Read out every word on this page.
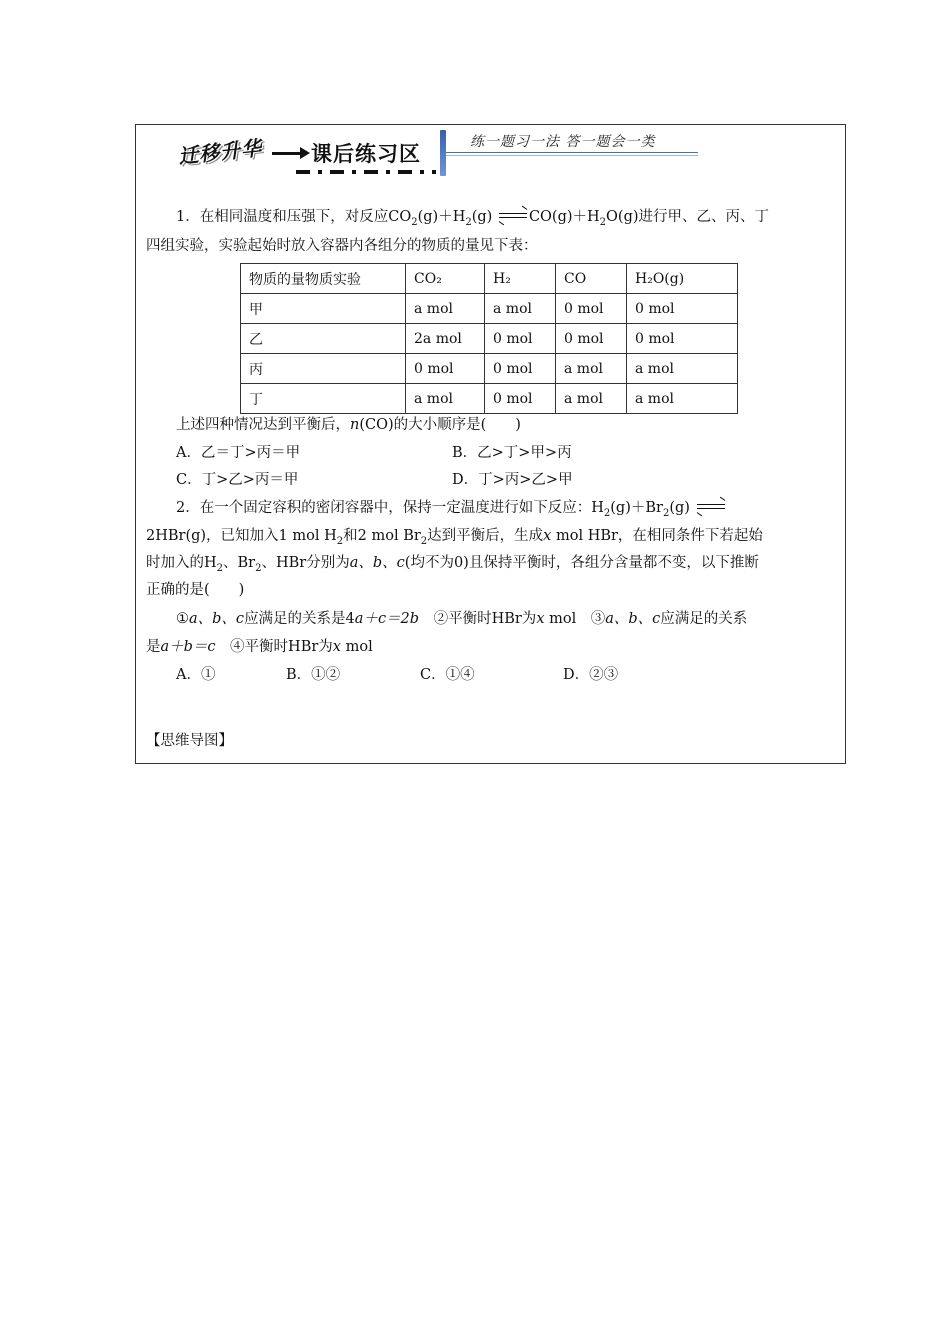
迁移升华 课后练习区	练一题习一法 答一题会一类
1．在相同温度和压强下，对反应$CO_2(g)+H_2(g)$	$CO(g)+H_2O(g)$进行甲、乙、丙、丁
四组实验，实验起始时放入容器内各组分的物质的量见下表：
物质的量物质实验	CO₂	H₂	CO	H₂O(g)
甲	a mol	a mol	0 mol	0 mol
乙	2a mol	0 mol	0 mol	0 mol
丙	0 mol	0 mol	a mol	a mol
丁	a mol	0 mol	a mol	a mol
上述四种情况达到平衡后，n(CO)的大小顺序是(　　)
A．乙＝丁>丙＝甲	B．乙>丁>甲>丙
C．丁>乙>丙＝甲	D．丁>丙>乙>甲
2．在一个固定容积的密闭容器中，保持一定温度进行如下反应：$H_2(g)+Br_2(g)$
2HBr(g)，已知加入1 mol $H_2$和2 mol $Br_2$达到平衡后，生成x mol HBr，在相同条件下若起始
时加入的$H_2$、$Br_2$、HBr分别为a、b、c(均不为0)且保持平衡时，各组分含量都不变，以下推断
正确的是(　　)
①a、b、c应满足的关系是4a＋c＝2b　②平衡时HBr为x mol　③a、b、c应满足的关系
是a＋b＝c　④平衡时HBr为x mol
A．①	B．①②	C．①④	D．②③
【思维导图】
